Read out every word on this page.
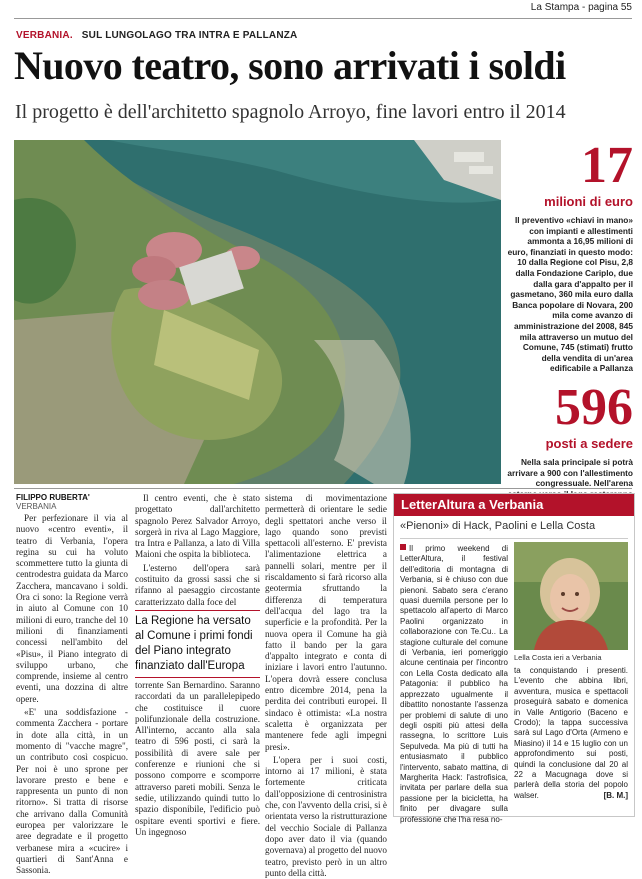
La Stampa - pagina 55
VERBANIA. SUL LUNGOLAGO TRA INTRA E PALLANZA
Nuovo teatro, sono arrivati i soldi
Il progetto è dell'architetto spagnolo Arroyo, fine lavori entro il 2014
17
milioni di euro
Il preventivo «chiavi in mano» con impianti e allestimenti ammonta a 16,95 milioni di euro, finanziati in questo modo: 10 dalla Regione col Pisu, 2,8 dalla Fondazione Cariplo, due dalla gara d'appalto per il gasmetano, 360 mila euro dalla Banca popolare di Novara, 200 mila come avanzo di amministrazione del 2008, 845 mila attraverso un mutuo del Comune, 745 (stimati) frutto della vendita di un'area edificabile a Pallanza
596
posti a sedere
Nella sala principale si potrà arrivare a 900 con l'allestimento congressuale. Nell'arena
FILIPPO RUBERTA'
VERBANIA

Per perfezionare il via al nuovo «centro eventi», il teatro di Verbania, l'opera regina su cui ha voluto scommettere tutto la giunta di centrodestra guidata da Marco Zacchera, mancavano i soldi. Ora ci sono: la Regione verrà in aiuto al Comune con 10 milioni di euro, tranche del 10 milioni di finanziamenti concessi nell'ambito del «Pisu», il Piano integrato di sviluppo urbano, che comprende, insieme al centro eventi, una dozzina di altre opere.

«E' una soddisfazione - commenta Zacchera - portare in dote alla città, in un momento di "vacche magre", un contributo così cospicuo. Per noi è uno sprone per lavorare presto e bene e rappresenta un punto di non ritorno». Si tratta di risorse che arrivano dalla Comunità europea per valorizzare le aree degradate e il progetto verbanese mira a «cucire» i quartieri di Sant'Anna e Sassonia.

Il centro eventi, che è stato progettato dall'architetto spagnolo Perez Salvador Arroyo, sorgerà in riva al Lago Maggiore, tra Intra e Pallanza, a lato di Villa Maioni che ospita la biblioteca.

L'esterno dell'opera sarà costituito da grossi sassi che si rifanno al paesaggio circostante caratterizzato dalla foce del

La Regione ha versato al Comune i primi fondi del Piano integrato finanziato dall'Europa

torrente San Bernardino. Saranno raccordati da un parallelepipedo che costituisce il cuore polifunzionale della costruzione. All'interno, accanto alla sala teatro di 596 posti, ci sarà la possibilità di avere sale per conferenze e riunioni che si possono comporre e scomporre attraverso pareti mobili. Senza le sedie, utilizzando quindi tutto lo spazio disponibile, l'edificio può ospitare eventi sportivi e fiere. Un ingegnoso

sistema di movimentazione permetterà di orientare le sedie degli spettatori anche verso il lago quando sono previsti spettacoli all'esterno. E' prevista l'alimentazione elettrica a pannelli solari, mentre per il riscaldamento si farà ricorso alla geotermia sfruttando la differenza di temperatura dell'acqua del lago tra la superficie e la profondità. Per la nuova opera il Comune ha già fatto il bando per la gara d'appalto integrato e conta di iniziare i lavori entro l'autunno. L'opera dovrà essere conclusa entro dicembre 2014, pena la perdita dei contributi europei. Il sindaco è ottimista: «La nostra scaletta è organizzata per mantenere fede agli impegni presi».

L'opera per i suoi costi, intorno ai 17 milioni, è stata fortemente criticata dall'opposizione di centrosinistra che, con l'avvento della crisi, si è orientata verso la ristrutturazione del vecchio Sociale di Pallanza dopo aver dato il via (quando governava) al progetto del nuovo teatro, previsto però in un altro punto della città.

LetterAltura a Verbania
«Pienoni» di Hack, Paolini e Lella Costa
Il primo weekend di LetterAltura, il festival dell'editoria di montagna di Verbania, si è chiuso con due pienoni. Sabato sera c'erano quasi duemila persone per lo spettacolo all'aperto di Marco Paolini organizzato in collaborazione con Te.Cu.. La stagione culturale del comune di Verbania, ieri pomeriggio alcune centinaia per l'incontro con Lella Costa dedicato alla Patagonia: il pubblico ha apprezzato ugualmente il dibattito nonostante l'assenza per problemi di salute di uno degli ospiti più attesi della rassegna, lo scrittore Luis Sepulveda. Ma più di tutti ha entusiasmato il pubblico l'intervento, sabato mattina, di Margherita Hack: l'astrofisica, invitata per parlare della sua passione per la bicicletta, ha finito per divagare sulla professione che l'ha resa no-
Lella Costa ieri a Verbania
ta conquistando i presenti. L'evento che abbina libri, avventura, musica e spettacoli proseguirà sabato e domenica in Valle Antigorio (Baceno e Crodo); la tappa successiva sarà sul Lago d'Orta (Armeno e Miasino) il 14 e 15 luglio con un approfondimento sui posti, quindi la conclusione dal 20 al 22 a Macugnaga dove si parlerà della storia del popolo walser.	[B. M.]
